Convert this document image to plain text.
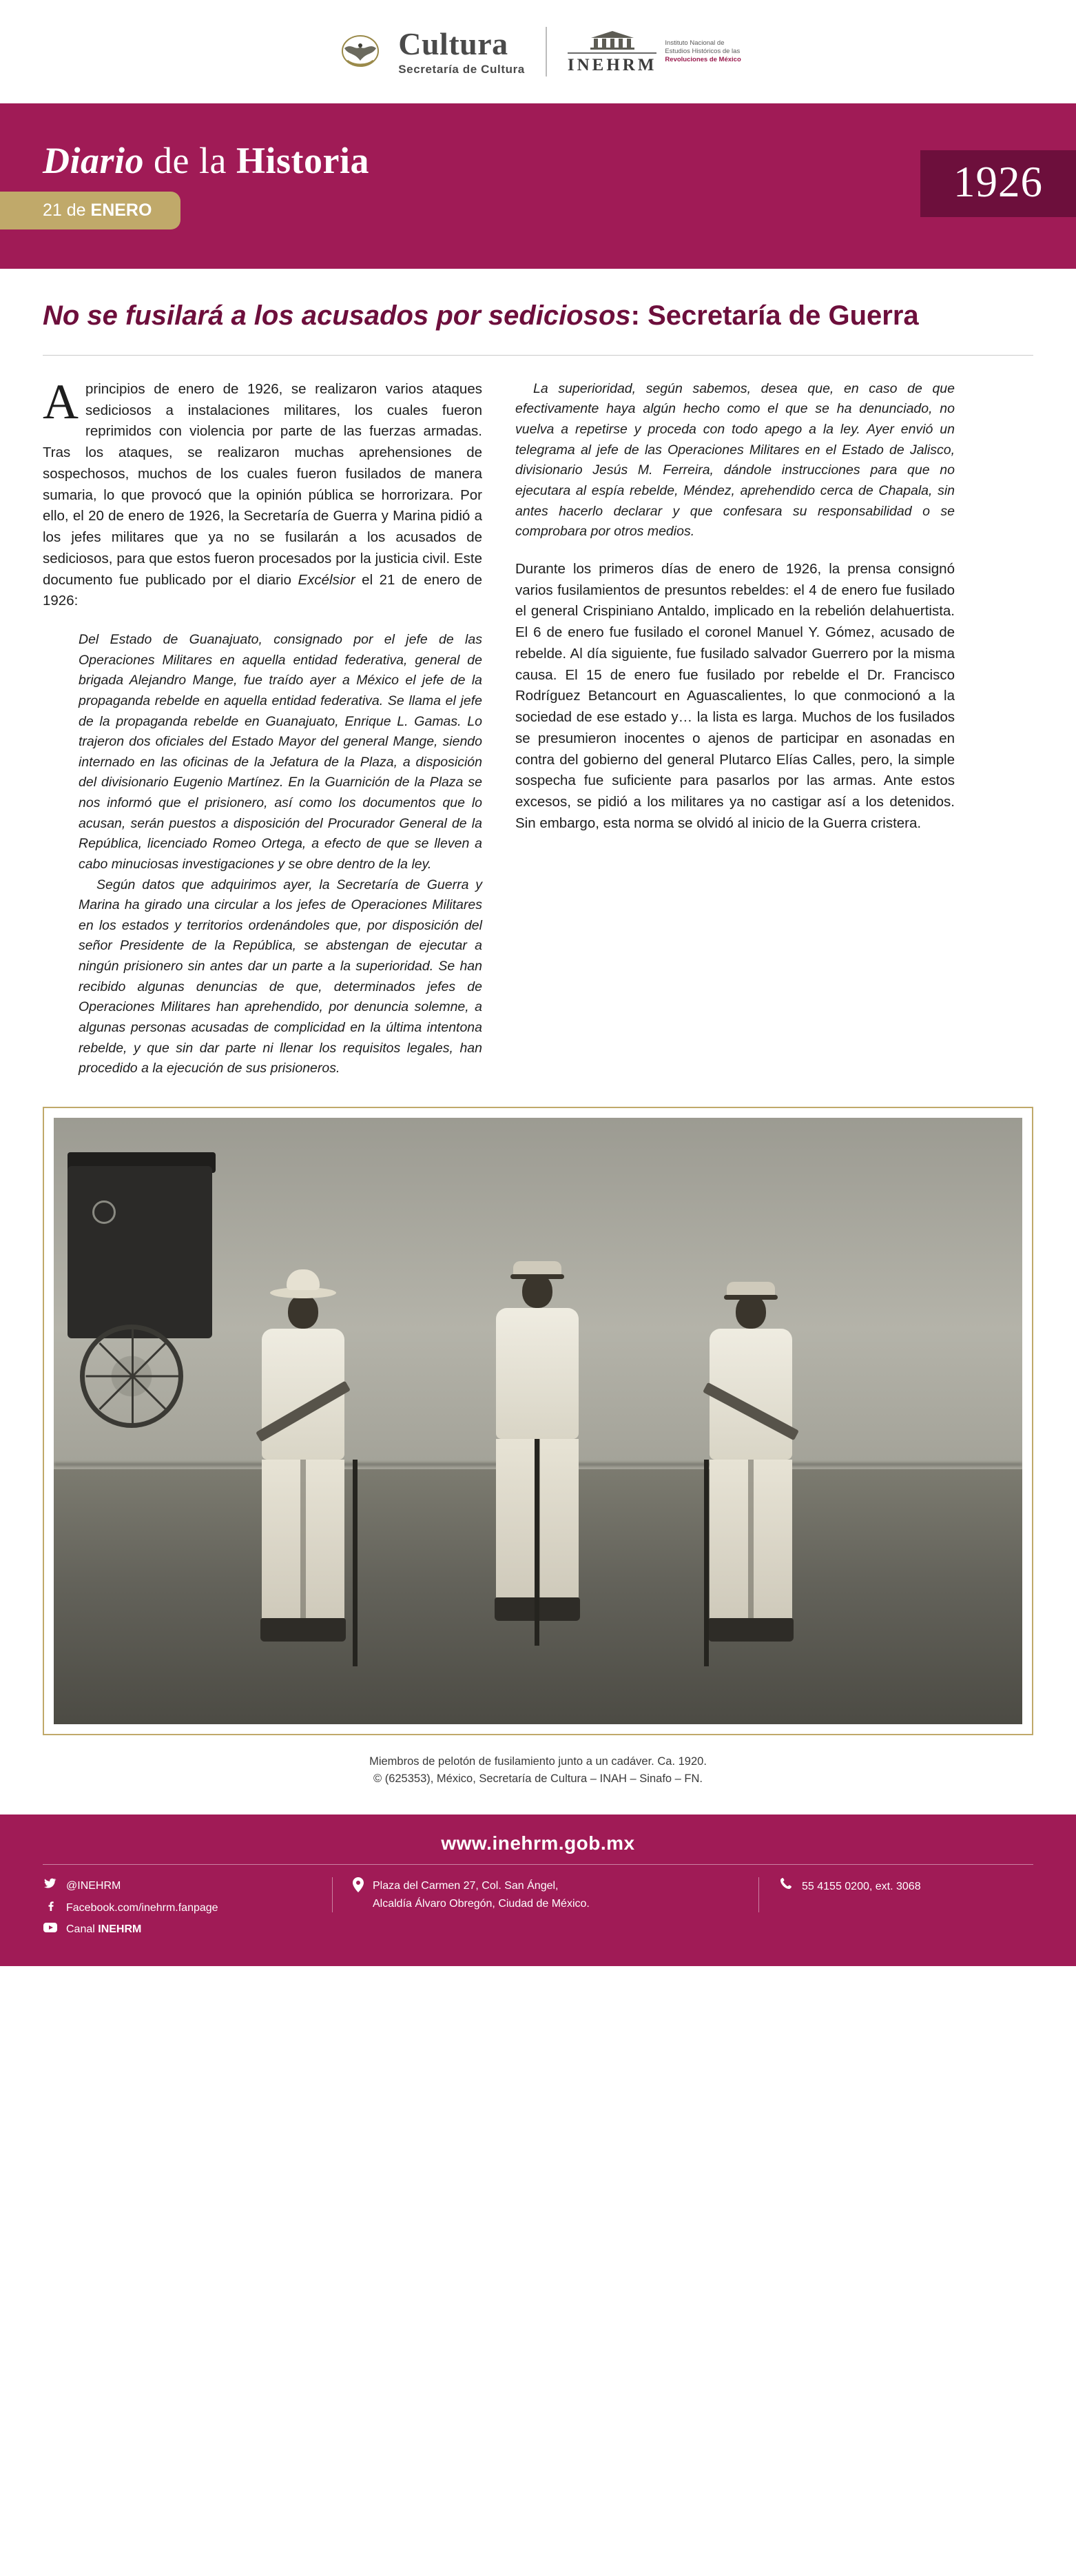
Cultura
Secretaría de Cultura INEHRM
Instituto Nacional de
Estudios Históricos de las
Revoluciones de México
Diario de la Historia
21 de ENERO
1926
No se fusilará a los acusados por sediciosos: Secretaría de Guerra

Aprincipios de enero de 1926, se realizaron varios ataques sediciosos a instalaciones militares, los cuales fueron reprimidos con violencia por parte de las fuerzas armadas. Tras los ataques, se realizaron muchas aprehensiones de sospechosos, muchos de los cuales fueron fusilados de manera sumaria, lo que provocó que la opinión pública se horrorizara. Por ello, el 20 de enero de 1926, la Secretaría de Guerra y Marina pidió a los jefes militares que ya no se fusilarán a los acusados de sediciosos, para que estos fueron procesados por la justicia civil. Este documento fue publicado por el diario Excélsior el 21 de enero de 1926:

Del Estado de Guanajuato, consignado por el jefe de las Operaciones Militares en aquella entidad federativa, general de brigada Alejandro Mange, fue traído ayer a México el jefe de la propaganda rebelde en aquella entidad federativa. Se llama el jefe de la propaganda rebelde en Guanajuato, Enrique L. Gamas. Lo trajeron dos oficiales del Estado Mayor del general Mange, siendo internado en las oficinas de la Jefatura de la Plaza, a disposición del divisionario Eugenio Martínez. En la Guarnición de la Plaza se nos informó que el prisionero, así como los documentos que lo acusan, serán puestos a disposición del Procurador General de la República, licenciado Romeo Ortega, a efecto de que se lleven a cabo minuciosas investigaciones y se obre dentro de la ley.

Según datos que adquirimos ayer, la Secretaría de Guerra y Marina ha girado una circular a los jefes de Operaciones Militares en los estados y territorios ordenándoles que, por disposición del señor Presidente de la República, se abstengan de ejecutar a ningún prisionero sin antes dar un parte a la superioridad. Se han recibido algunas denuncias de que, determinados jefes de Operaciones Militares han aprehendido, por denuncia solemne, a algunas personas acusadas de complicidad en la última intentona rebelde, y que sin dar parte ni llenar los requisitos legales, han procedido a la ejecución de sus prisioneros.

La superioridad, según sabemos, desea que, en caso de que efectivamente haya algún hecho como el que se ha denunciado, no vuelva a repetirse y proceda con todo apego a la ley. Ayer envió un telegrama al jefe de las Operaciones Militares en el Estado de Jalisco, divisionario Jesús M. Ferreira, dándole instrucciones para que no ejecutara al espía rebelde, Méndez, aprehendido cerca de Chapala, sin antes hacerlo declarar y que confesara su responsabilidad o se comprobara por otros medios.

Durante los primeros días de enero de 1926, la prensa consignó varios fusilamientos de presuntos rebeldes: el 4 de enero fue fusilado el general Crispiniano Antaldo, implicado en la rebelión delahuertista. El 6 de enero fue fusilado el coronel Manuel Y. Gómez, acusado de rebelde. Al día siguiente, fue fusilado salvador Guerrero por la misma causa. El 15 de enero fue fusilado por rebelde el Dr. Francisco Rodríguez Betancourt en Aguascalientes, lo que conmocionó a la sociedad de ese estado y… la lista es larga. Muchos de los fusilados se presumieron inocentes o ajenos de participar en asonadas en contra del gobierno del general Plutarco Elías Calles, pero, la simple sospecha fue suficiente para pasarlos por las armas. Ante estos excesos, se pidió a los militares ya no castigar así a los detenidos. Sin embargo, esta norma se olvidó al inicio de la Guerra cristera.

Miembros de pelotón de fusilamiento junto a un cadáver. Ca. 1920.
© (625353), México, Secretaría de Cultura – INAH – Sinafo – FN.
www.inehrm.gob.mx
@INEHRM
Facebook.com/inehrm.fanpage
Canal INEHRM
Plaza del Carmen 27, Col. San Ángel,
Alcaldía Álvaro Obregón, Ciudad de México.
55 4155 0200, ext. 3068
